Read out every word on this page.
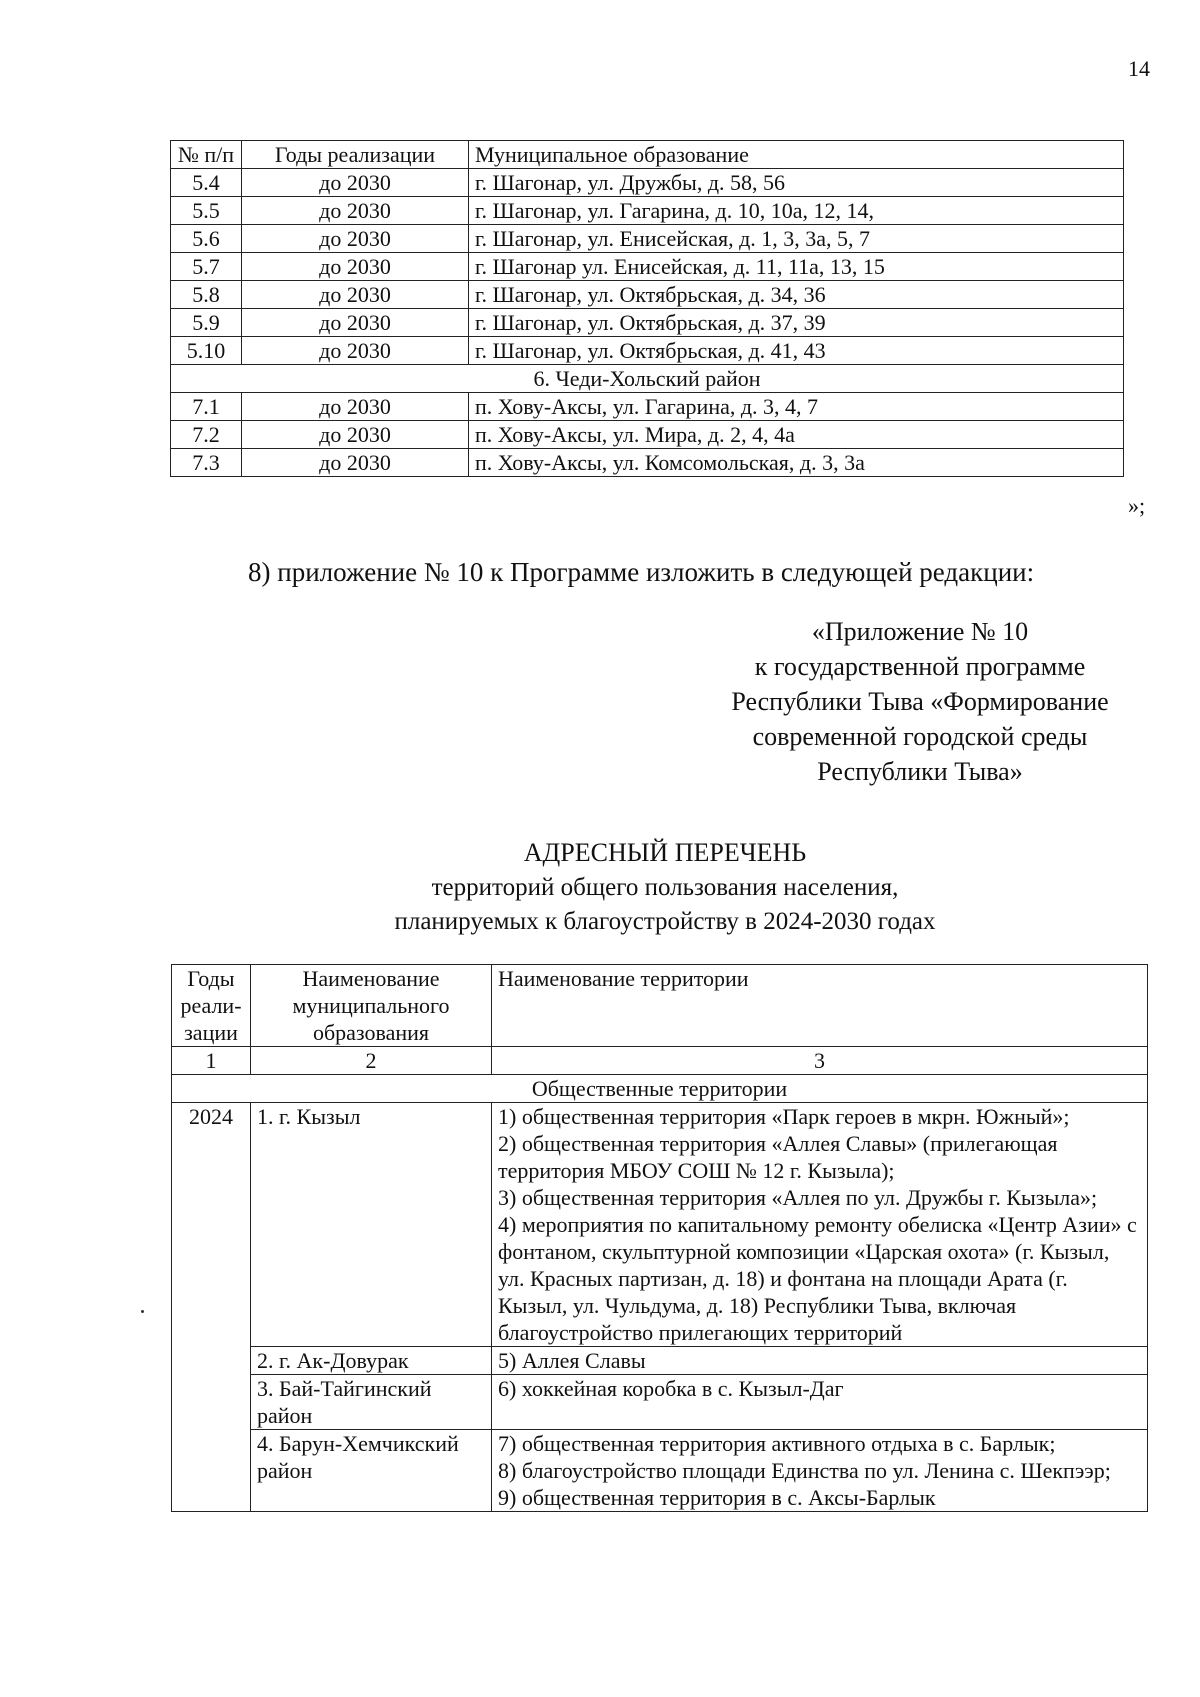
14
№ п/п	Годы реализации	Муниципальное образование
5.4	до 2030	г. Шагонар, ул. Дружбы, д. 58, 56
5.5	до 2030	г. Шагонар, ул. Гагарина, д. 10, 10а, 12, 14,
5.6	до 2030	г. Шагонар, ул. Енисейская, д. 1, 3, 3а, 5, 7
5.7	до 2030	г. Шагонар ул. Енисейская, д. 11, 11а, 13, 15
5.8	до 2030	г. Шагонар, ул. Октябрьская, д. 34, 36
5.9	до 2030	г. Шагонар, ул. Октябрьская, д. 37, 39
5.10	до 2030	г. Шагонар, ул. Октябрьская, д. 41, 43
6. Чеди-Хольский район		
7.1	до 2030	п. Хову-Аксы, ул. Гагарина, д. 3, 4, 7
7.2	до 2030	п. Хову-Аксы, ул. Мира, д. 2, 4, 4а
7.3	до 2030	п. Хову-Аксы, ул. Комсомольская, д. 3, 3а
»;
8) приложение № 10 к Программе изложить в следующей редакции:
«Приложение № 10
к государственной программе
Республики Тыва «Формирование
современной городской среды
Республики Тыва»
АДРЕСНЫЙ ПЕРЕЧЕНЬ
территорий общего пользования населения,
планируемых к благоустройству в 2024-2030 годах
Годы реали-зации	Наименование муниципального образования	Наименование территории
1	2	3
Общественные территории		
2024	1. г. Кызыл	1) общественная территория «Парк героев в мкрн. Южный»;
2) общественная территория «Аллея Славы» (прилегающая территория МБОУ СОШ № 12 г. Кызыла);
3) общественная территория «Аллея по ул. Дружбы г. Кызыла»;
4) мероприятия по капитальному ремонту обелиска «Центр Азии» с фонтаном, скульптурной композиции «Царская охота» (г. Кызыл, ул. Красных партизан, д. 18) и фонтана на площади Арата (г. Кызыл, ул. Чульдума, д. 18) Республики Тыва, включая благоустройство прилегающих территорий

	2. г. Ак-Довурак	5) Аллея Славы

	3. Бай-Тайгинский район	6) хоккейная коробка в с. Кызыл-Даг

	4. Барун-Хемчикский район	7) общественная территория активного отдыха в с. Барлык;
8) благоустройство площади Единства по ул. Ленина с. Шекпээр;
9) общественная территория в с. Аксы-Барлык
